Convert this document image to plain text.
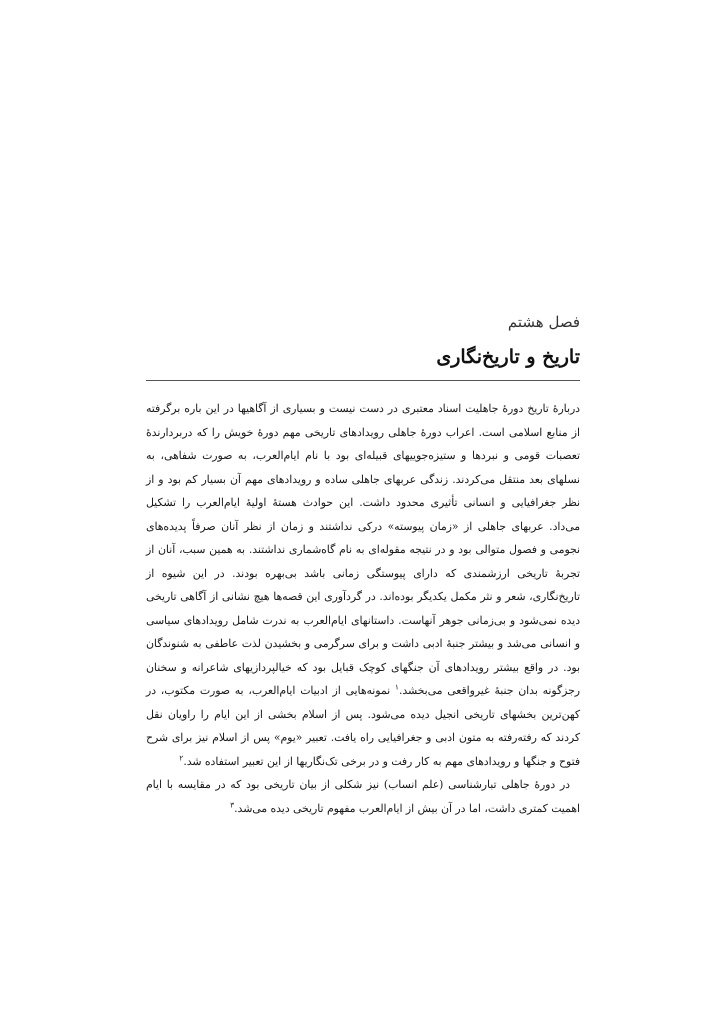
فصل هشتم
تاریخ و تاریخ‌نگاری

دربارهٔ تاریخ دورهٔ جاهلیت اسناد معتبری در دست نیست و بسیاری از آگاهیها در این باره برگرفته از منابع اسلامی است. اعراب دورهٔ جاهلی رویدادهای تاریخی مهم دورهٔ خویش را که دربردارندهٔ تعصبات قومی و نبردها و ستیزه‌جوییهای قبیله‌ای بود با نام ایام‌العرب، به صورت شفاهی، به نسلهای بعد منتقل می‌کردند. زندگی عربهای جاهلی ساده و رویدادهای مهم آن بسیار کم بود و از نظر جغرافیایی و انسانی تأثیری محدود داشت. این حوادث هستهٔ اولیهٔ ایام‌العرب را تشکیل می‌داد. عربهای جاهلی از «زمان پیوسته» درکی نداشتند و زمان از نظر آنان صرفاً پدیده‌های نجومی و فصول متوالی بود و در نتیجه مقوله‌ای به نام گاه‌شماری نداشتند. به همین سبب، آنان از تجربهٔ تاریخی ارزشمندی که دارای پیوستگی زمانی باشد بی‌بهره بودند. در این شیوه از تاریخ‌نگاری، شعر و نثر مکمل یکدیگر بوده‌اند. در گردآوری این قصه‌ها هیچ نشانی از آگاهی تاریخی دیده نمی‌شود و بی‌زمانی جوهر آنهاست. داستانهای ایام‌العرب به ندرت شامل رویدادهای سیاسی و انسانی می‌شد و بیشتر جنبهٔ ادبی داشت و برای سرگرمی و بخشیدن لذت عاطفی به شنوندگان بود. در واقع بیشتر رویدادهای آن جنگهای کوچک قبایل بود که خیالپردازیهای شاعرانه و سخنان رجزگونه بدان جنبهٔ غیرواقعی می‌بخشد.$^۱$ نمونه‌هایی از ادبیات ایام‌العرب، به صورت مکتوب، در کهن‌ترین بخشهای تاریخی انجیل دیده می‌شود. پس از اسلام بخشی از این ایام را راویان نقل کردند که رفته‌رفته به متون ادبی و جغرافیایی راه یافت. تعبیر «یوم» پس از اسلام نیز برای شرح فتوح و جنگها و رویدادهای مهم به کار رفت و در برخی تک‌نگاریها از این تعبیر استفاده شد.$^۲$

در دورهٔ جاهلی تبارشناسی (علم انساب) نیز شکلی از بیان تاریخی بود که در مقایسه با ایام اهمیت کمتری داشت، اما در آن بیش از ایام‌العرب مفهوم تاریخی دیده می‌شد.$^۳$
